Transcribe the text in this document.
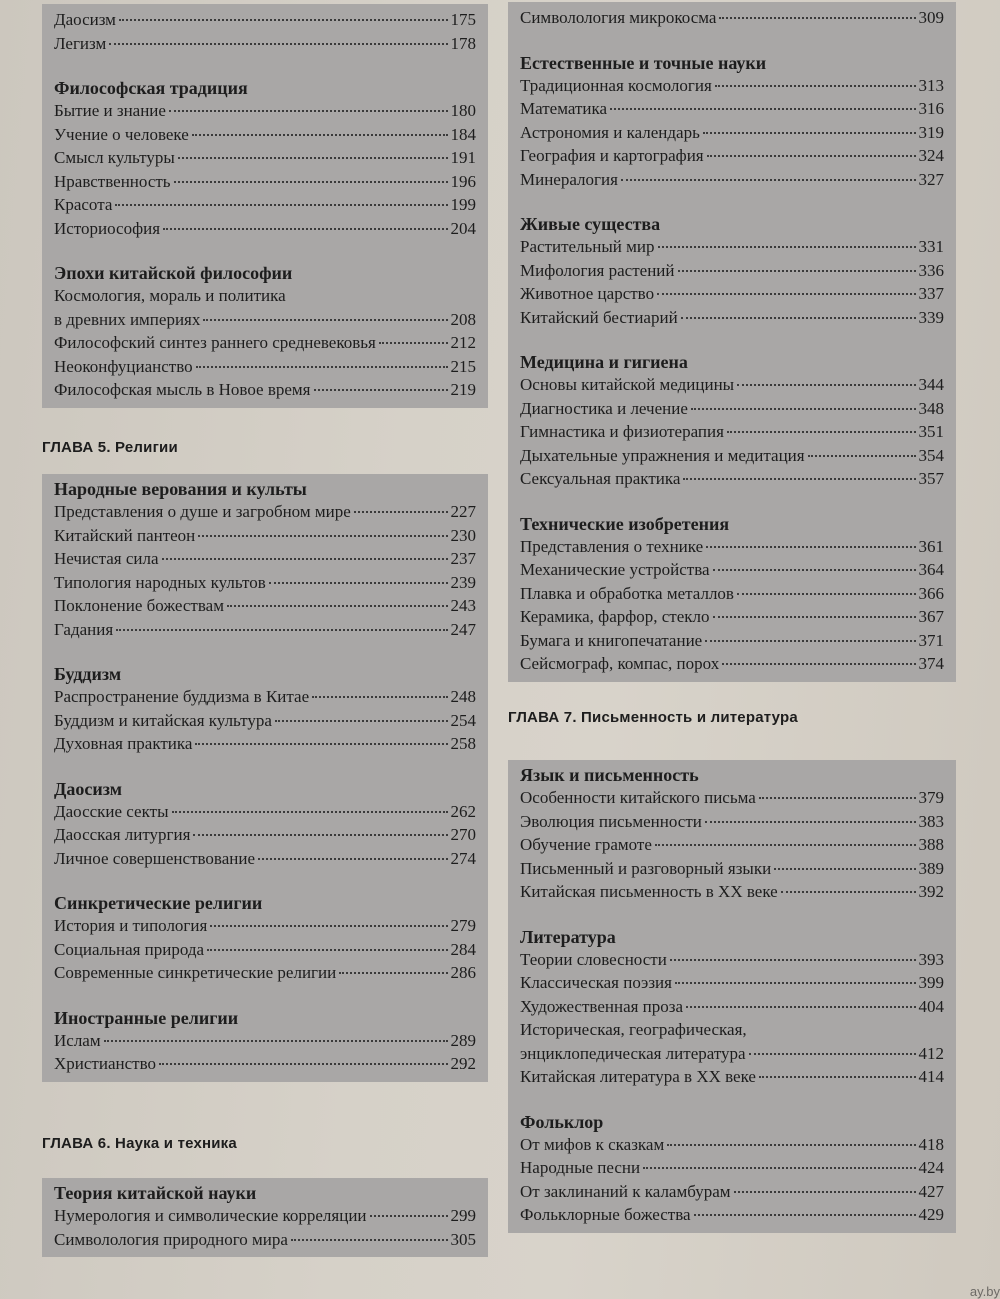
Даосизм	175
Легизм	178
Философская традиция
Бытие и знание	180
Учение о человеке	184
Смысл культуры	191
Нравственность	196
Красота	199
Историософия	204
Эпохи китайской философии
Космология, мораль и политика
в древних империях	208
Философский синтез раннего средневековья	212
Неоконфуцианство	215
Философская мысль в Новое время	219
ГЛАВА 5. Религии
Народные верования и культы
Представления о душе и загробном мире	227
Китайский пантеон	230
Нечистая сила	237
Типология народных культов	239
Поклонение божествам	243
Гадания	247
Буддизм
Распространение буддизма в Китае	248
Буддизм и китайская культура	254
Духовная практика	258
Даосизм
Даосские секты	262
Даосская литургия	270
Личное совершенствование	274
Синкретические религии
История и типология	279
Социальная природа	284
Современные синкретические религии	286
Иностранные религии
Ислам	289
Христианство	292
ГЛАВА 6. Наука и техника
Теория китайской науки
Нумерология и символические корреляции	299
Символология природного мира	305
Символология микрокосма	309
Естественные и точные науки
Традиционная космология	313
Математика	316
Астрономия и календарь	319
География и картография	324
Минералогия	327
Живые существа
Растительный мир	331
Мифология растений	336
Животное царство	337
Китайский бестиарий	339
Медицина и гигиена
Основы китайской медицины	344
Диагностика и лечение	348
Гимнастика и физиотерапия	351
Дыхательные упражнения и медитация	354
Сексуальная практика	357
Технические изобретения
Представления о технике	361
Механические устройства	364
Плавка и обработка металлов	366
Керамика, фарфор, стекло	367
Бумага и книгопечатание	371
Сейсмограф, компас, порох	374
ГЛАВА 7. Письменность и литература
Язык и письменность
Особенности китайского письма	379
Эволюция письменности	383
Обучение грамоте	388
Письменный и разговорный языки	389
Китайская письменность в XX веке	392
Литература
Теории словесности	393
Классическая поэзия	399
Художественная проза	404
Историческая, географическая,
энциклопедическая литература	412
Китайская литература в XX веке	414
Фольклор
От мифов к сказкам	418
Народные песни	424
От заклинаний к каламбурам	427
Фольклорные божества	429
ay.by
